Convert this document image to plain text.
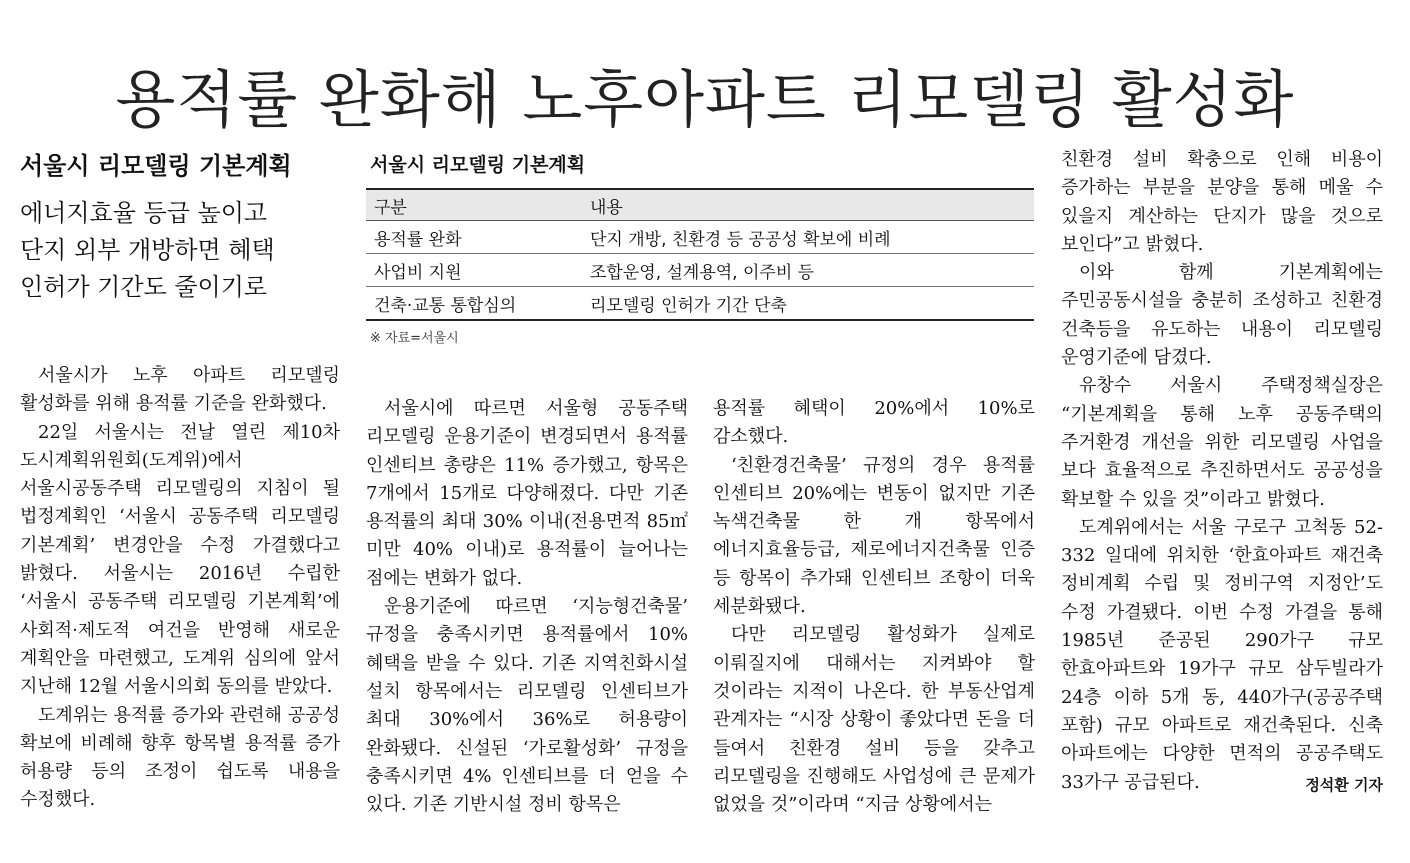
용적률 완화해 노후아파트 리모델링 활성화
서울시 리모델링 기본계획
에너지효율 등급 높이고
단지 외부 개방하면 혜택
인허가 기간도 줄이기로
서울시 리모델링 기본계획
구분	내용
용적률 완화	단지 개방, 친환경 등 공공성 확보에 비례
사업비 지원	조합운영, 설계용역, 이주비 등
건축·교통 통합심의	리모델링 인허가 기간 단축
※ 자료=서울시

서울시가 노후 아파트 리모델링 활성화를 위해 용적률 기준을 완화했다.

22일 서울시는 전날 열린 제10차 도시계획위원회(도계위)에서 서울시공동주택 리모델링의 지침이 될 법정계획인 ‘서울시 공동주택 리모델링 기본계획’ 변경안을 수정 가결했다고 밝혔다. 서울시는 2016년 수립한 ‘서울시 공동주택 리모델링 기본계획’에 사회적·제도적 여건을 반영해 새로운 계획안을 마련했고, 도계위 심의에 앞서 지난해 12월 서울시의회 동의를 받았다.

도계위는 용적률 증가와 관련해 공공성 확보에 비례해 향후 항목별 용적률 증가 허용량 등의 조정이 쉽도록 내용을 수정했다.

서울시에 따르면 서울형 공동주택 리모델링 운용기준이 변경되면서 용적률 인센티브 총량은 11% 증가했고, 항목은 7개에서 15개로 다양해졌다. 다만 기존 용적률의 최대 30% 이내(전용면적 85㎡ 미만 40% 이내)로 용적률이 늘어나는 점에는 변화가 없다.

운용기준에 따르면 ‘지능형건축물’ 규정을 충족시키면 용적률에서 10% 혜택을 받을 수 있다. 기존 지역친화시설 설치 항목에서는 리모델링 인센티브가 최대 30%에서 36%로 허용량이 완화됐다. 신설된 ‘가로활성화’ 규정을 충족시키면 4% 인센티브를 더 얻을 수 있다. 기존 기반시설 정비 항목은

용적률 혜택이 20%에서 10%로 감소했다.

‘친환경건축물’ 규정의 경우 용적률 인센티브 20%에는 변동이 없지만 기존 녹색건축물 한 개 항목에서 에너지효율등급, 제로에너지건축물 인증 등 항목이 추가돼 인센티브 조항이 더욱 세분화됐다.

다만 리모델링 활성화가 실제로 이뤄질지에 대해서는 지켜봐야 할 것이라는 지적이 나온다. 한 부동산업계 관계자는 “시장 상황이 좋았다면 돈을 더 들여서 친환경 설비 등을 갖추고 리모델링을 진행해도 사업성에 큰 문제가 없었을 것”이라며 “지금 상황에서는

친환경 설비 확충으로 인해 비용이 증가하는 부분을 분양을 통해 메울 수 있을지 계산하는 단지가 많을 것으로 보인다”고 밝혔다.

이와 함께 기본계획에는 주민공동시설을 충분히 조성하고 친환경 건축등을 유도하는 내용이 리모델링 운영기준에 담겼다.

유창수 서울시 주택정책실장은 “기본계획을 통해 노후 공동주택의 주거환경 개선을 위한 리모델링 사업을 보다 효율적으로 추진하면서도 공공성을 확보할 수 있을 것”이라고 밝혔다.

도계위에서는 서울 구로구 고척동 52-332 일대에 위치한 ‘한효아파트 재건축 정비계획 수립 및 정비구역 지정안’도 수정 가결됐다. 이번 수정 가결을 통해 1985년 준공된 290가구 규모 한효아파트와 19가구 규모 삼두빌라가 24층 이하 5개 동, 440가구(공공주택 포함) 규모 아파트로 재건축된다. 신축 아파트에는 다양한 면적의 공공주택도 33가구 공급된다.	정석환 기자
